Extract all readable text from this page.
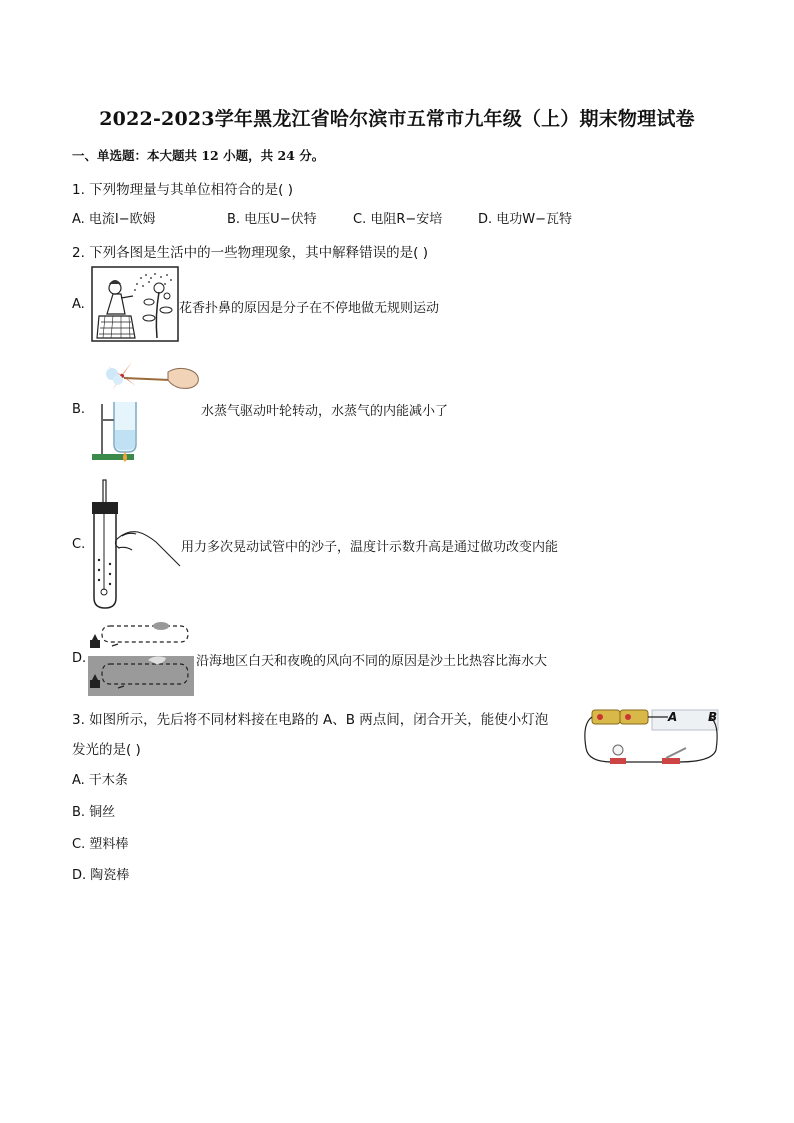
2022-2023学年黑龙江省哈尔滨市五常市九年级（上）期末物理试卷
一、单选题：本大题共 12 小题，共 24 分。
1. 下列物理量与其单位相符合的是( )
A. 电流I−欧姆	B. 电压U−伏特	C. 电阻R−安培	D. 电功W−瓦特
2. 下列各图是生活中的一些物理现象，其中解释错误的是( )
A.	花香扑鼻的原因是分子在不停地做无规则运动
B.	水蒸气驱动叶轮转动，水蒸气的内能减小了
C.	用力多次晃动试管中的沙子，温度计示数升高是通过做功改变内能
D.	沿海地区白天和夜晚的风向不同的原因是沙土比热容比海水大
3. 如图所示，先后将不同材料接在电路的 A、B 两点间，闭合开关，能使小灯泡
发光的是( )
A	B
A. 干木条
B. 铜丝
C. 塑料棒
D. 陶瓷棒
